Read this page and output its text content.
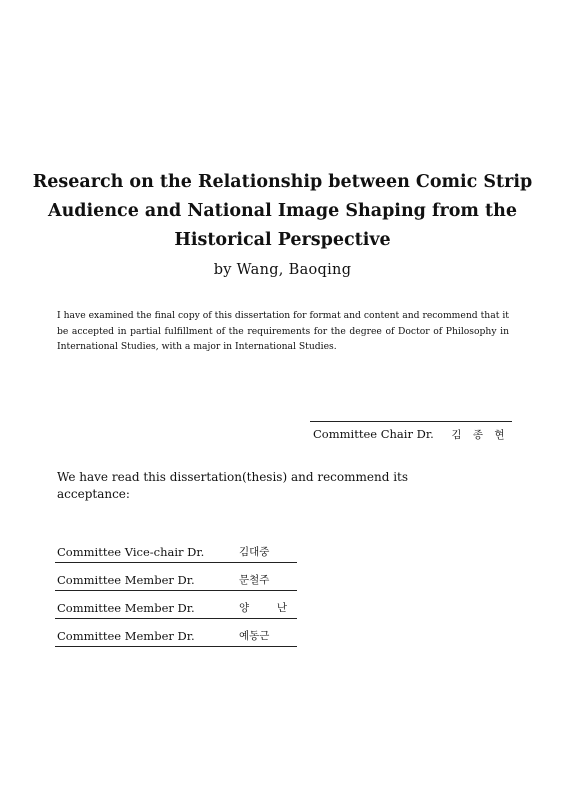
Research on the Relationship between Comic Strip
Audience and National Image Shaping from the
Historical Perspective
by Wang, Baoqing
I have examined the final copy of this dissertation for format and content and recommend that it be accepted in partial fulfillment of the requirements for the degree of Doctor of Philosophy in International Studies, with a major in International Studies.
Committee Chair Dr. 김 종 현
We have read this dissertation(thesis) and recommend its acceptance:
Committee Vice-chair Dr.	김대중
Committee Member Dr.	문철주
Committee Member Dr.	양 난
Committee Member Dr.	예동근
